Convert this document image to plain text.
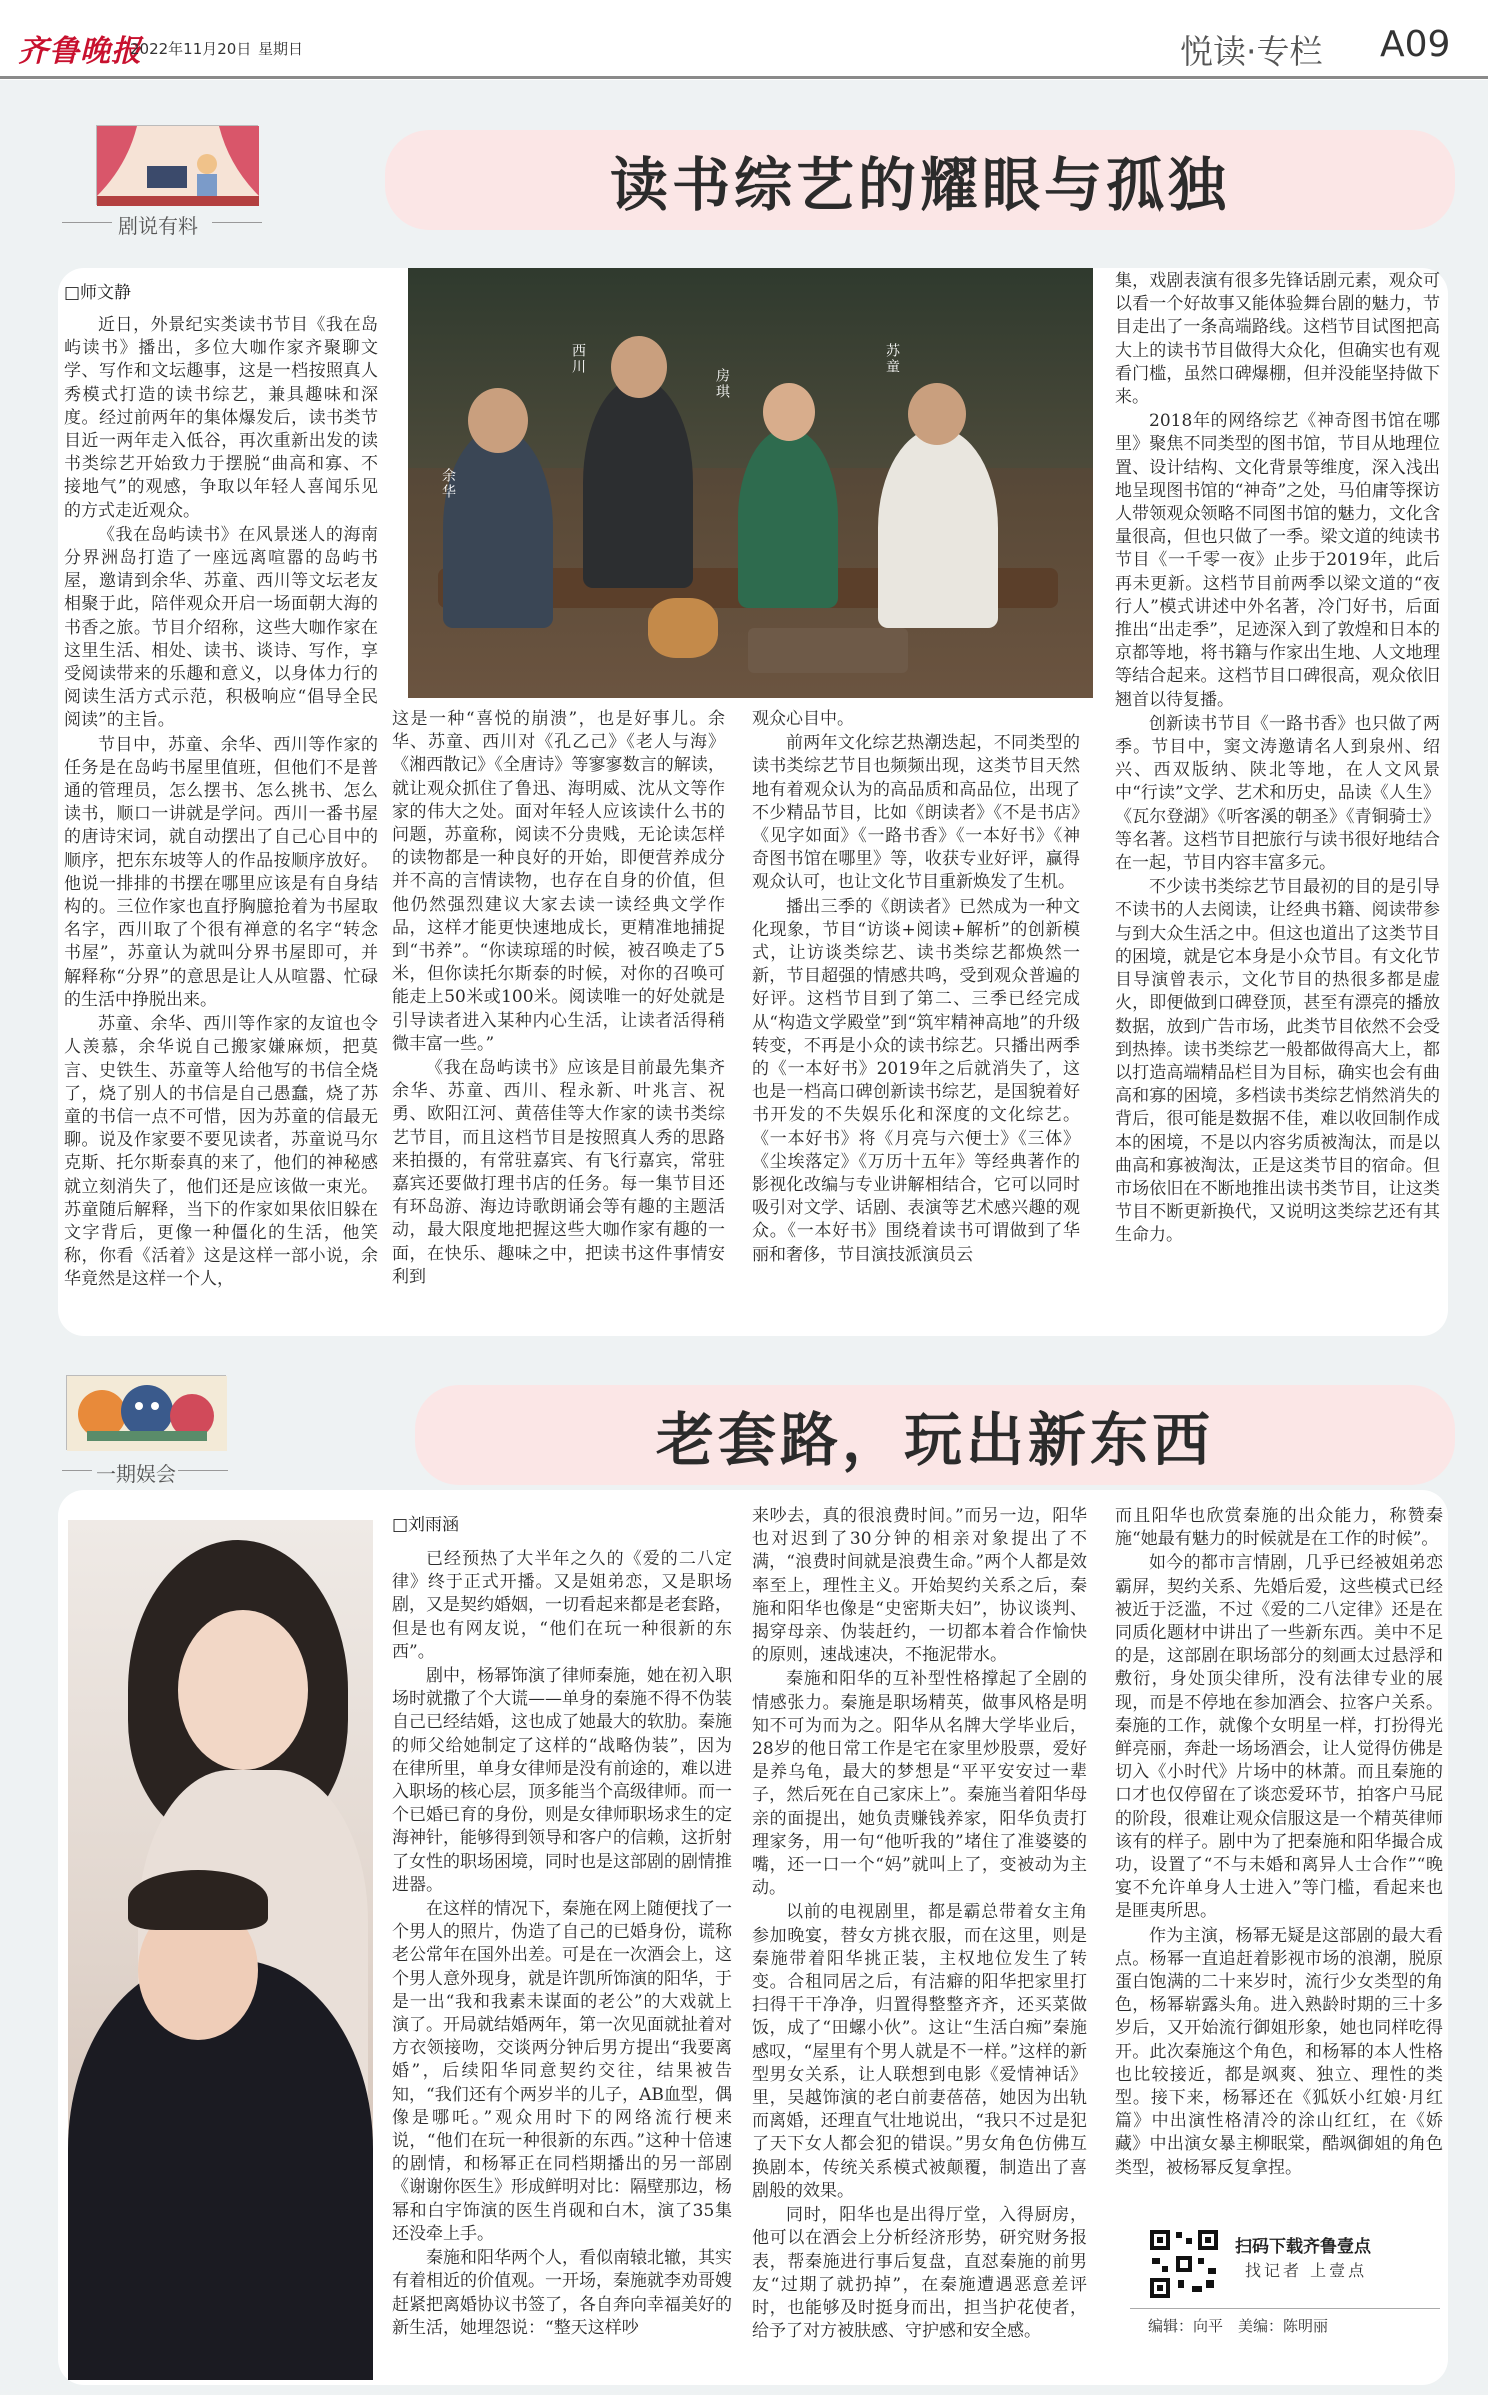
齐鲁晚报
2022年11月20日 星期日	悦读·专栏 A09
剧说有料
读书综艺的耀眼与孤独
□师文静

近日，外景纪实类读书节目《我在岛屿读书》播出，多位大咖作家齐聚聊文学、写作和文坛趣事，这是一档按照真人秀模式打造的读书综艺，兼具趣味和深度。经过前两年的集体爆发后，读书类节目近一两年走入低谷，再次重新出发的读书类综艺开始致力于摆脱“曲高和寡、不接地气”的观感，争取以年轻人喜闻乐见的方式走近观众。

《我在岛屿读书》在风景迷人的海南分界洲岛打造了一座远离喧嚣的岛屿书屋，邀请到余华、苏童、西川等文坛老友相聚于此，陪伴观众开启一场面朝大海的书香之旅。节目介绍称，这些大咖作家在这里生活、相处、读书、谈诗、写作，享受阅读带来的乐趣和意义，以身体力行的阅读生活方式示范，积极响应“倡导全民阅读”的主旨。

节目中，苏童、余华、西川等作家的任务是在岛屿书屋里值班，但他们不是普通的管理员，怎么摆书、怎么挑书、怎么读书，顺口一讲就是学问。西川一番书屋的唐诗宋词，就自动摆出了自己心目中的顺序，把东东坡等人的作品按顺序放好。他说一排排的书摆在哪里应该是有自身结构的。三位作家也直抒胸臆抢着为书屋取名字，西川取了个很有禅意的名字“转念书屋”，苏童认为就叫分界书屋即可，并解释称“分界”的意思是让人从喧嚣、忙碌的生活中挣脱出来。

苏童、余华、西川等作家的友谊也令人羡慕，余华说自己搬家嫌麻烦，把莫言、史铁生、苏童等人给他写的书信全烧了，烧了别人的书信是自己愚蠢，烧了苏童的书信一点不可惜，因为苏童的信最无聊。说及作家要不要见读者，苏童说马尔克斯、托尔斯泰真的来了，他们的神秘感就立刻消失了，他们还是应该做一束光。苏童随后解释，当下的作家如果依旧躲在文字背后，更像一种僵化的生活，他笑称，你看《活着》这是这样一部小说，余华竟然是这样一个人，

余华
西川	苏童
房琪

这是一种“喜悦的崩溃”，也是好事儿。余华、苏童、西川对《孔乙己》《老人与海》《湘西散记》《全唐诗》等寥寥数言的解读，就让观众抓住了鲁迅、海明威、沈从文等作家的伟大之处。面对年轻人应该读什么书的问题，苏童称，阅读不分贵贱，无论读怎样的读物都是一种良好的开始，即便营养成分并不高的言情读物，也存在自身的价值，但他仍然强烈建议大家去读一读经典文学作品，这样才能更快速地成长，更精准地捕捉到“书养”。“你读琼瑶的时候，被召唤走了5米，但你读托尔斯泰的时候，对你的召唤可能走上50米或100米。阅读唯一的好处就是引导读者进入某种内心生活，让读者活得稍微丰富一些。”

《我在岛屿读书》应该是目前最先集齐余华、苏童、西川、程永新、叶兆言、祝勇、欧阳江河、黄蓓佳等大作家的读书类综艺节目，而且这档节目是按照真人秀的思路来拍摄的，有常驻嘉宾、有飞行嘉宾，常驻嘉宾还要做打理书店的任务。每一集节目还有环岛游、海边诗歌朗诵会等有趣的主题活动，最大限度地把握这些大咖作家有趣的一面，在快乐、趣味之中，把读书这件事情安利到

观众心目中。

前两年文化综艺热潮迭起，不同类型的读书类综艺节目也频频出现，这类节目天然地有着观众认为的高品质和高品位，出现了不少精品节目，比如《朗读者》《不是书店》《见字如面》《一路书香》《一本好书》《神奇图书馆在哪里》等，收获专业好评，赢得观众认可，也让文化节目重新焕发了生机。

播出三季的《朗读者》已然成为一种文化现象，节目“访谈+阅读+解析”的创新模式，让访谈类综艺、读书类综艺都焕然一新，节目超强的情感共鸣，受到观众普遍的好评。这档节目到了第二、三季已经完成从“构造文学殿堂”到“筑牢精神高地”的升级转变，不再是小众的读书综艺。只播出两季的《一本好书》2019年之后就消失了，这也是一档高口碑创新读书综艺，是国貌着好书开发的不失娱乐化和深度的文化综艺。《一本好书》将《月亮与六便士》《三体》《尘埃落定》《万历十五年》等经典著作的影视化改编与专业讲解相结合，它可以同时吸引对文学、话剧、表演等艺术感兴趣的观众。《一本好书》围绕着读书可谓做到了华丽和奢侈，节目演技派演员云

集，戏剧表演有很多先锋话剧元素，观众可以看一个好故事又能体验舞台剧的魅力，节目走出了一条高端路线。这档节目试图把高大上的读书节目做得大众化，但确实也有观看门槛，虽然口碑爆棚，但并没能坚持做下来。

2018年的网络综艺《神奇图书馆在哪里》聚焦不同类型的图书馆，节目从地理位置、设计结构、文化背景等维度，深入浅出地呈现图书馆的“神奇”之处，马伯庸等探访人带领观众领略不同图书馆的魅力，文化含量很高，但也只做了一季。梁文道的纯读书节目《一千零一夜》止步于2019年，此后再未更新。这档节目前两季以梁文道的“夜行人”模式讲述中外名著，冷门好书，后面推出“出走季”，足迹深入到了敦煌和日本的京都等地，将书籍与作家出生地、人文地理等结合起来。这档节目口碑很高，观众依旧翘首以待复播。

创新读书节目《一路书香》也只做了两季。节目中，窦文涛邀请名人到泉州、绍兴、西双版纳、陕北等地，在人文风景中“行读”文学、艺术和历史，品读《人生》《瓦尔登湖》《听客溪的朝圣》《青铜骑士》等名著。这档节目把旅行与读书很好地结合在一起，节目内容丰富多元。

不少读书类综艺节目最初的目的是引导不读书的人去阅读，让经典书籍、阅读带参与到大众生活之中。但这也道出了这类节目的困境，就是它本身是小众节目。有文化节目导演曾表示，文化节目的热很多都是虚火，即便做到口碑登顶，甚至有漂亮的播放数据，放到广告市场，此类节目依然不会受到热捧。读书类综艺一般都做得高大上，都以打造高端精品栏目为目标，确实也会有曲高和寡的困境，多档读书类综艺悄然消失的背后，很可能是数据不佳，难以收回制作成本的困境，不是以内容劣质被淘汰，而是以曲高和寡被淘汰，正是这类节目的宿命。但市场依旧在不断地推出读书类节目，让这类节目不断更新换代，又说明这类综艺还有其生命力。

一期娱会	老套路，玩出新东西
□刘雨涵

已经预热了大半年之久的《爱的二八定律》终于正式开播。又是姐弟恋，又是职场剧，又是契约婚姻，一切看起来都是老套路，但是也有网友说，“他们在玩一种很新的东西”。

剧中，杨幂饰演了律师秦施，她在初入职场时就撒了个大谎——单身的秦施不得不伪装自己已经结婚，这也成了她最大的软肋。秦施的师父给她制定了这样的“战略伪装”，因为在律所里，单身女律师是没有前途的，难以进入职场的核心层，顶多能当个高级律师。而一个已婚已育的身份，则是女律师职场求生的定海神针，能够得到领导和客户的信赖，这折射了女性的职场困境，同时也是这部剧的剧情推进器。

在这样的情况下，秦施在网上随便找了一个男人的照片，伪造了自己的已婚身份，谎称老公常年在国外出差。可是在一次酒会上，这个男人意外现身，就是许凯所饰演的阳华，于是一出“我和我素未谋面的老公”的大戏就上演了。开局就结婚两年，第一次见面就扯着对方衣领接吻，交谈两分钟后男方提出“我要离婚”，后续阳华同意契约交往，结果被告知，“我们还有个两岁半的儿子，AB血型，偶像是哪吒。”观众用时下的网络流行梗来说，“他们在玩一种很新的东西。”这种十倍速的剧情，和杨幂正在同档期播出的另一部剧《谢谢你医生》形成鲜明对比：隔壁那边，杨幂和白宇饰演的医生肖砚和白木，演了35集还没牵上手。

秦施和阳华两个人，看似南辕北辙，其实有着相近的价值观。一开场，秦施就李劝哥嫂赶紧把离婚协议书签了，各自奔向幸福美好的新生活，她埋怨说：“整天这样吵

来吵去，真的很浪费时间。”而另一边，阳华也对迟到了30分钟的相亲对象提出了不满，“浪费时间就是浪费生命。”两个人都是效率至上，理性主义。开始契约关系之后，秦施和阳华也像是“史密斯夫妇”，协议谈判、揭穿母亲、伪装赶约，一切都本着合作愉快的原则，速战速决，不拖泥带水。

秦施和阳华的互补型性格撑起了全剧的情感张力。秦施是职场精英，做事风格是明知不可为而为之。阳华从名牌大学毕业后，28岁的他日常工作是宅在家里炒股票，爱好是养乌龟，最大的梦想是“平平安安过一辈子，然后死在自己家床上”。秦施当着阳华母亲的面提出，她负责赚钱养家，阳华负责打理家务，用一句“他听我的”堵住了准婆婆的嘴，还一口一个“妈”就叫上了，变被动为主动。

以前的电视剧里，都是霸总带着女主角参加晚宴，替女方挑衣服，而在这里，则是秦施带着阳华挑正装，主权地位发生了转变。合租同居之后，有洁癖的阳华把家里打扫得干干净净，归置得整整齐齐，还买菜做饭，成了“田螺小伙”。这让“生活白痴”秦施感叹，“屋里有个男人就是不一样。”这样的新型男女关系，让人联想到电影《爱情神话》里，吴越饰演的老白前妻蓓蓓，她因为出轨而离婚，还理直气壮地说出，“我只不过是犯了天下女人都会犯的错误。”男女角色仿佛互换剧本，传统关系模式被颠覆，制造出了喜剧般的效果。

同时，阳华也是出得厅堂，入得厨房，他可以在酒会上分析经济形势，研究财务报表，帮秦施进行事后复盘，直怼秦施的前男友“过期了就扔掉”，在秦施遭遇恶意差评时，也能够及时挺身而出，担当护花使者，给予了对方被肤感、守护感和安全感。

而且阳华也欣赏秦施的出众能力，称赞秦施“她最有魅力的时候就是在工作的时候”。

如今的都市言情剧，几乎已经被姐弟恋霸屏，契约关系、先婚后爱，这些模式已经被近于泛滥，不过《爱的二八定律》还是在同质化题材中讲出了一些新东西。美中不足的是，这部剧在职场部分的刻画太过悬浮和敷衍，身处顶尖律所，没有法律专业的展现，而是不停地在参加酒会、拉客户关系。秦施的工作，就像个女明星一样，打扮得光鲜亮丽，奔赴一场场酒会，让人觉得仿佛是切入《小时代》片场中的林萧。而且秦施的口才也仅停留在了谈恋爱环节，拍客户马屁的阶段，很难让观众信服这是一个精英律师该有的样子。剧中为了把秦施和阳华撮合成功，设置了“不与未婚和离异人士合作”“晚宴不允许单身人士进入”等门槛，看起来也是匪夷所思。

作为主演，杨幂无疑是这部剧的最大看点。杨幂一直追赶着影视市场的浪潮，脱原蛋白饱满的二十来岁时，流行少女类型的角色，杨幂崭露头角。进入熟龄时期的三十多岁后，又开始流行御姐形象，她也同样吃得开。此次秦施这个角色，和杨幂的本人性格也比较接近，都是飒爽、独立、理性的类型。接下来，杨幂还在《狐妖小红娘·月红篇》中出演性格清冷的涂山红红，在《娇藏》中出演女暴主柳眠棠，酷飒御姐的角色类型，被杨幂反复拿捏。

扫码下载齐鲁壹点
找记者 上壹点
编辑：向平　美编：陈明丽
